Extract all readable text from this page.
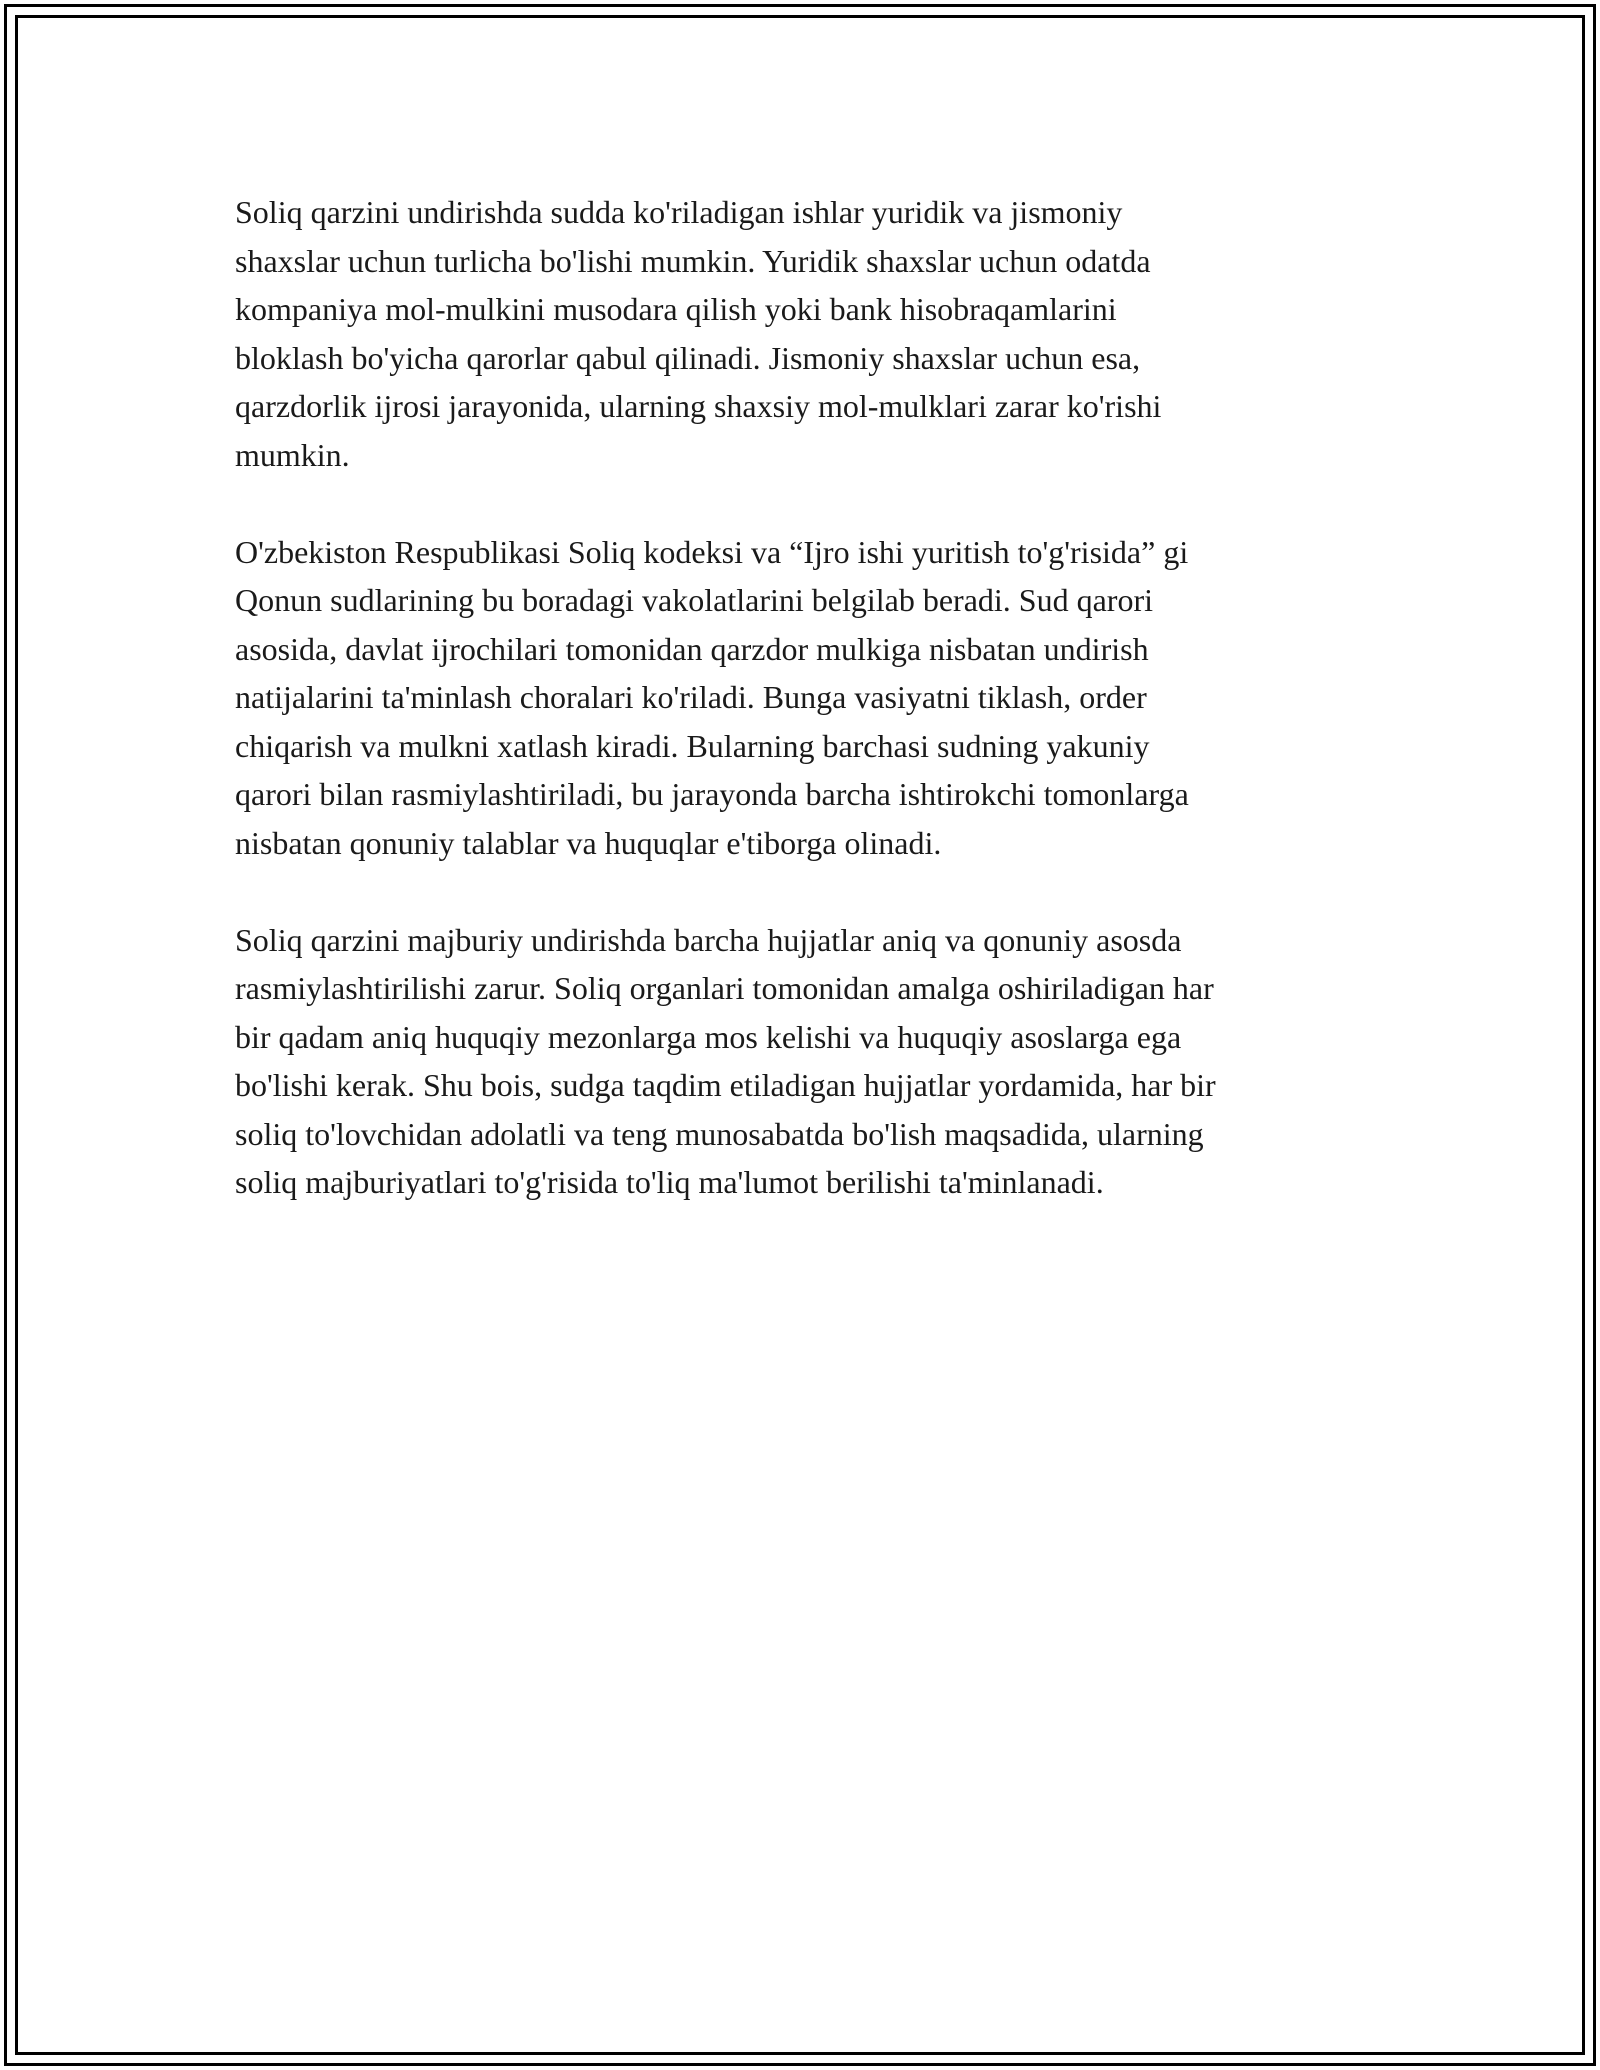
Soliq qarzini undirishda sudda ko'riladigan ishlar yuridik va jismoniy
shaxslar uchun turlicha bo'lishi mumkin. Yuridik shaxslar uchun odatda
kompaniya mol-mulkini musodara qilish yoki bank hisobraqamlarini
bloklash bo'yicha qarorlar qabul qilinadi. Jismoniy shaxslar uchun esa,
qarzdorlik ijrosi jarayonida, ularning shaxsiy mol-mulklari zarar ko'rishi
mumkin.

O'zbekiston Respublikasi Soliq kodeksi va “Ijro ishi yuritish to'g'risida” gi
Qonun sudlarining bu boradagi vakolatlarini belgilab beradi. Sud qarori
asosida, davlat ijrochilari tomonidan qarzdor mulkiga nisbatan undirish
natijalarini ta'minlash choralari ko'riladi. Bunga vasiyatni tiklash, order
chiqarish va mulkni xatlash kiradi. Bularning barchasi sudning yakuniy
qarori bilan rasmiylashtiriladi, bu jarayonda barcha ishtirokchi tomonlarga
nisbatan qonuniy talablar va huquqlar e'tiborga olinadi.

Soliq qarzini majburiy undirishda barcha hujjatlar aniq va qonuniy asosda
rasmiylashtirilishi zarur. Soliq organlari tomonidan amalga oshiriladigan har
bir qadam aniq huquqiy mezonlarga mos kelishi va huquqiy asoslarga ega
bo'lishi kerak. Shu bois, sudga taqdim etiladigan hujjatlar yordamida, har bir
soliq to'lovchidan adolatli va teng munosabatda bo'lish maqsadida, ularning
soliq majburiyatlari to'g'risida to'liq ma'lumot berilishi ta'minlanadi.
